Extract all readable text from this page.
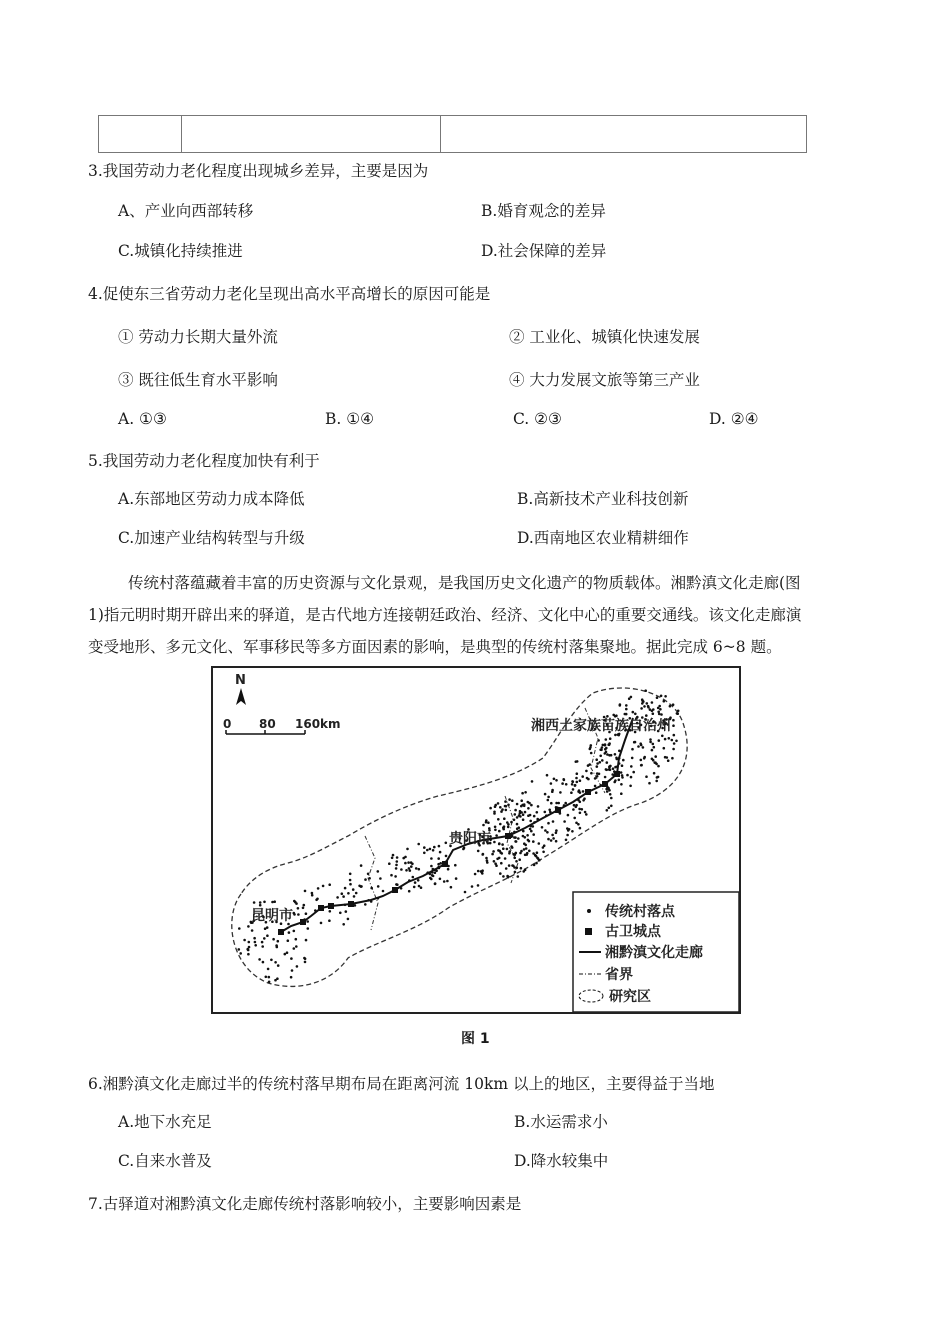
3.我国劳动力老化程度出现城乡差异，主要是因为
A、产业向西部转移	B.婚育观念的差异
C.城镇化持续推进	D.社会保障的差异
4.促使东三省劳动力老化呈现出高水平高增长的原因可能是
① 劳动力长期大量外流	② 工业化、城镇化快速发展
③ 既往低生育水平影响	④ 大力发展文旅等第三产业
A. ①③	B. ①④	C. ②③	D. ②④
5.我国劳动力老化程度加快有利于
A.东部地区劳动力成本降低	B.高新技术产业科技创新
C.加速产业结构转型与升级	D.西南地区农业精耕细作
传统村落蕴藏着丰富的历史资源与文化景观，是我国历史文化遗产的物质载体。湘黔滇文化走廊(图
1)指元明时期开辟出来的驿道，是古代地方连接朝廷政治、经济、文化中心的重要交通线。该文化走廊演
变受地形、多元文化、军事移民等多方面因素的影响，是典型的传统村落集聚地。据此完成 6~8 题。
N
0 80 160km	湘西土家族苗族自治州
贵阳市
昆明市	传统村落点
古卫城点
湘黔滇文化走廊
省界
研究区
图 1
6.湘黔滇文化走廊过半的传统村落早期布局在距离河流 10km 以上的地区，主要得益于当地
A.地下水充足	B.水运需求小
C.自来水普及	D.降水较集中
7.古驿道对湘黔滇文化走廊传统村落影响较小，主要影响因素是
